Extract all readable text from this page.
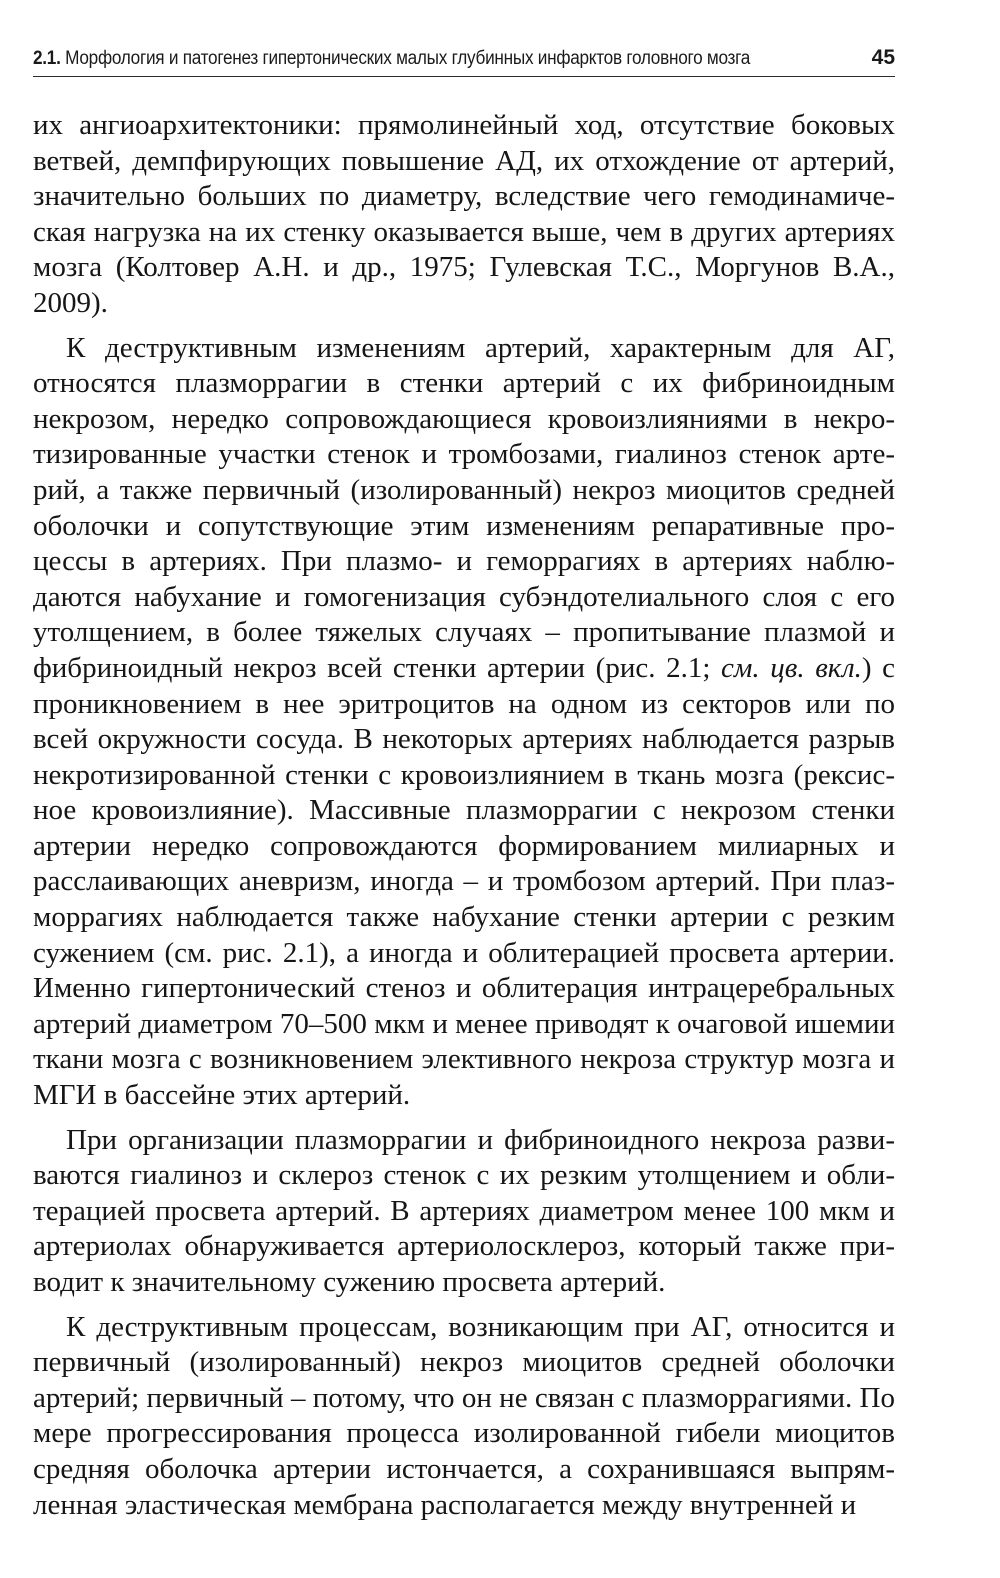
2.1. Морфология и патогенез гипертонических малых глубинных инфарктов головного мозга	45

их ангиоархитектоники: прямолинейный ход, отсутствие боковых ветвей, демпфирующих повышение АД, их отхождение от артерий, значительно больших по диаметру, вследствие чего гемодинамическая нагрузка на их стенку оказывается выше, чем в других артериях мозга (Колтовер А.Н. и др., 1975; Гулевская Т.С., Моргунов В.А., 2009).

К деструктивным изменениям артерий, характерным для АГ, относятся плазморрагии в стенки артерий с их фибриноидным некрозом, нередко сопровождающиеся кровоизлияниями в некротизированные участки стенок и тромбозами, гиалиноз стенок артерий, а также первичный (изолированный) некроз миоцитов средней оболочки и сопутствующие этим изменениям репаративные процессы в артериях. При плазмо- и геморрагиях в артериях наблюдаются набухание и гомогенизация субэндотелиального слоя с его утолщением, в более тяжелых случаях – пропитывание плазмой и фибриноидный некроз всей стенки артерии (рис. 2.1; см. цв. вкл.) с проникновением в нее эритроцитов на одном из секторов или по всей окружности сосуда. В некоторых артериях наблюдается разрыв некротизированной стенки с кровоизлиянием в ткань мозга (рексисное кровоизлияние). Массивные плазморрагии с некрозом стенки артерии нередко сопровождаются формированием милиарных и расслаивающих аневризм, иногда – и тромбозом артерий. При плазморрагиях наблюдается также набухание стенки артерии с резким сужением (см. рис. 2.1), а иногда и облитерацией просвета артерии. Именно гипертонический стеноз и облитерация интрацеребральных артерий диаметром 70–500 мкм и менее приводят к очаговой ишемии ткани мозга с возникновением элективного некроза структур мозга и МГИ в бассейне этих артерий.

При организации плазморрагии и фибриноидного некроза развиваются гиалиноз и склероз стенок с их резким утолщением и облитерацией просвета артерий. В артериях диаметром менее 100 мкм и артериолах обнаруживается артериолосклероз, который также приводит к значительному сужению просвета артерий.

К деструктивным процессам, возникающим при АГ, относится и первичный (изолированный) некроз миоцитов средней оболочки артерий; первичный – потому, что он не связан с плазморрагиями. По мере прогрессирования процесса изолированной гибели миоцитов средняя оболочка артерии истончается, а сохранившаяся выпрямленная эластическая мембрана располагается между внутренней и
